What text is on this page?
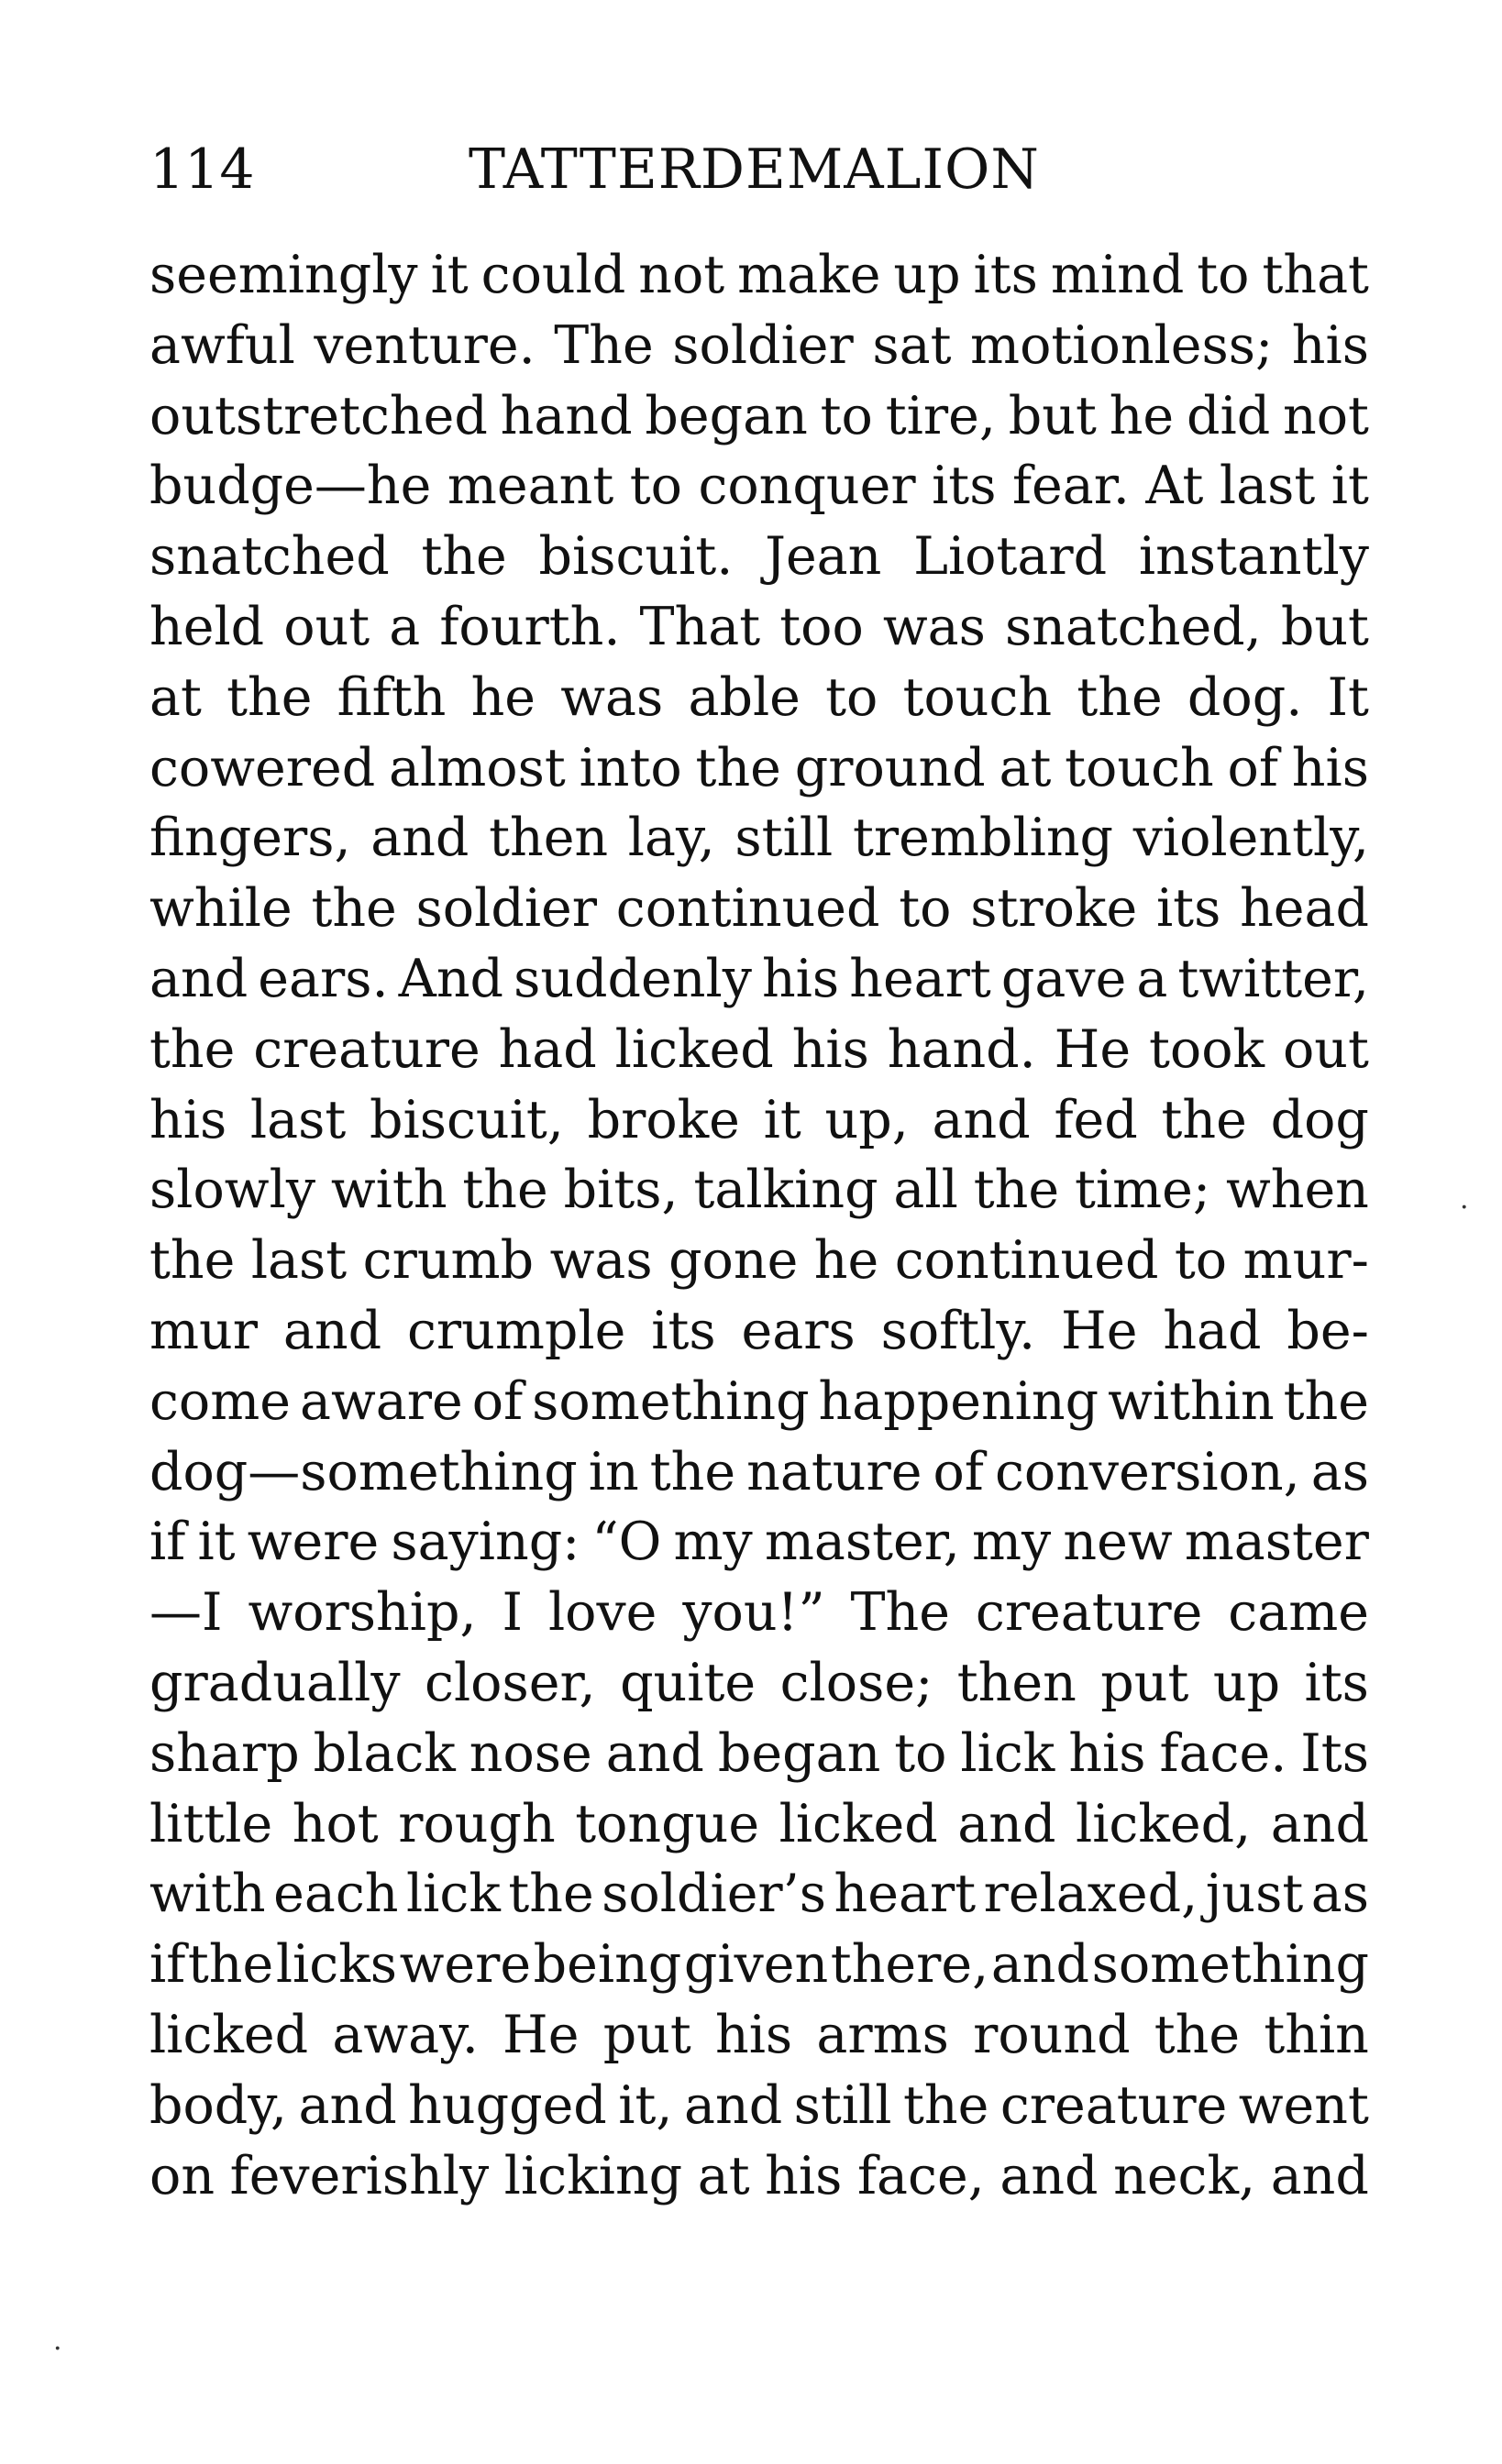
114	TATTERDEMALION
seemingly it could not make up its mind to that
awful venture. The soldier sat motionless; his
outstretched hand began to tire, but he did not
budge—he meant to conquer its fear. At last it
snatched the biscuit. Jean Liotard instantly
held out a fourth. That too was snatched, but
at the fifth he was able to touch the dog. It
cowered almost into the ground at touch of his
fingers, and then lay, still trembling violently,
while the soldier continued to stroke its head
and ears. And suddenly his heart gave a twitter,
the creature had licked his hand. He took out
his last biscuit, broke it up, and fed the dog
slowly with the bits, talking all the time; when
the last crumb was gone he continued to mur-
mur and crumple its ears softly. He had be-
come aware of something happening within the
dog—something in the nature of conversion, as
if it were saying: “O my master, my new master
—I worship, I love you!” The creature came
gradually closer, quite close; then put up its
sharp black nose and began to lick his face. Its
little hot rough tongue licked and licked, and
with each lick the soldier’s heart relaxed, just as
if the licks were being given there, and something
licked away. He put his arms round the thin
body, and hugged it, and still the creature went
on feverishly licking at his face, and neck, and
·
·
